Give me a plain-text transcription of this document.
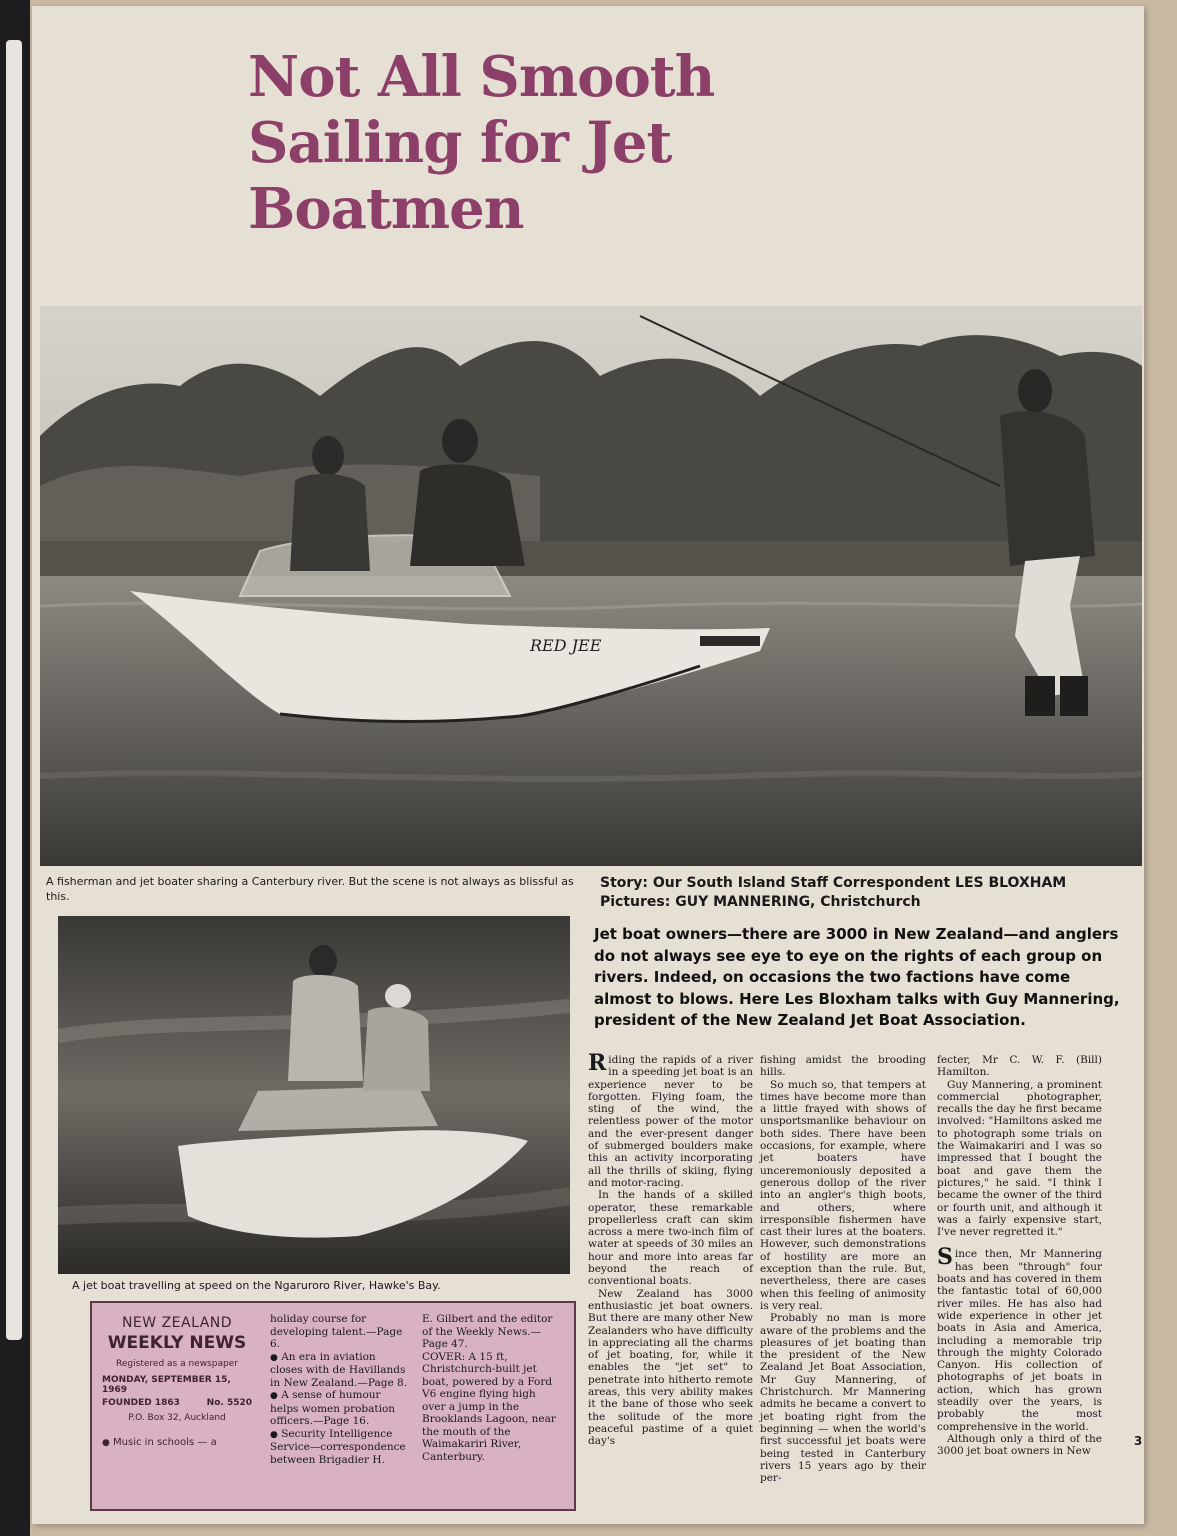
Not All Smooth
Sailing for Jet
Boatmen
RED JEE
A fisherman and jet boater sharing a Canterbury river. But the scene is not always as blissful as this.
Story: Our South Island Staff Correspondent LES BLOXHAM
Pictures: GUY MANNERING, Christchurch
A jet boat travelling at speed on the Ngaruroro River, Hawke's Bay.
Jet boat owners—there are 3000 in New Zealand—and anglers do not always see eye to eye on the rights of each group on rivers. Indeed, on occasions the two factions have come almost to blows. Here Les Bloxham talks with Guy Mannering, president of the New Zealand Jet Boat Association.

Riding the rapids of a river in a speeding jet boat is an experience never to be forgotten. Flying foam, the sting of the wind, the relentless power of the motor and the ever-present danger of submerged boulders make this an activity incorporating all the thrills of skiing, flying and motor-racing.

In the hands of a skilled operator, these remarkable propellerless craft can skim across a mere two-inch film of water at speeds of 30 miles an hour and more into areas far beyond the reach of conventional boats.

New Zealand has 3000 enthusiastic jet boat owners. But there are many other New Zealanders who have difficulty in appreciating all the charms of jet boating, for, while it enables the "jet set" to penetrate into hitherto remote areas, this very ability makes it the bane of those who seek the solitude of the more peaceful pastime of a quiet day's

fishing amidst the brooding hills.

So much so, that tempers at times have become more than a little frayed with shows of unsportsmanlike behaviour on both sides. There have been occasions, for example, where jet boaters have unceremoniously deposited a generous dollop of the river into an angler's thigh boots, and others, where irresponsible fishermen have cast their lures at the boaters. However, such demonstrations of hostility are more an exception than the rule. But, nevertheless, there are cases when this feeling of animosity is very real.

Probably no man is more aware of the problems and the pleasures of jet boating than the president of the New Zealand Jet Boat Association, Mr Guy Mannering, of Christchurch. Mr Mannering admits he became a convert to jet boating right from the beginning — when the world's first successful jet boats were being tested in Canterbury rivers 15 years ago by their per-

fecter, Mr C. W. F. (Bill) Hamilton.

Guy Mannering, a prominent commercial photographer, recalls the day he first became involved: "Hamiltons asked me to photograph some trials on the Waimakariri and I was so impressed that I bought the boat and gave them the pictures," he said. "I think I became the owner of the third or fourth unit, and although it was a fairly expensive start, I've never regretted it."

Since then, Mr Mannering has been "through" four boats and has covered in them the fantastic total of 60,000 river miles. He has also had wide experience in other jet boats in Asia and America, including a memorable trip through the mighty Colorado Canyon. His collection of photographs of jet boats in action, which has grown steadily over the years, is probably the most comprehensive in the world.

Although only a third of the 3000 jet boat owners in New

NEW ZEALAND
WEEKLY NEWS
Registered as a newspaper
MONDAY, SEPTEMBER 15, 1969
FOUNDED 1863	No. 5520
P.O. Box 32, Auckland
● Music in schools — a

holiday course for developing talent.—Page 6.

● An era in aviation closes with de Havillands in New Zealand.—Page 8.

● A sense of humour helps women probation officers.—Page 16.

● Security Intelligence Service—correspondence between Brigadier H.

E. Gilbert and the editor of the Weekly News.—Page 47.

COVER: A 15 ft, Christchurch-built jet boat, powered by a Ford V6 engine flying high over a jump in the Brooklands Lagoon, near the mouth of the Waimakariri River, Canterbury.

3
